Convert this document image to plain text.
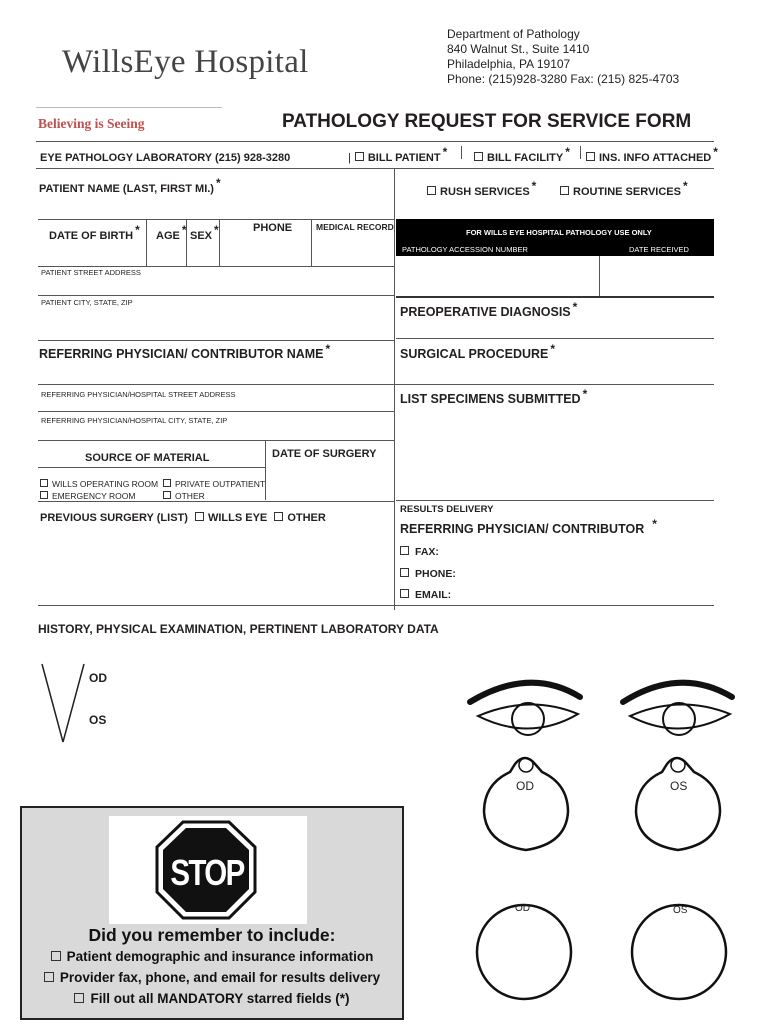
WillsEye Hospital
Believing is Seeing
Department of Pathology
840 Walnut St., Suite 1410
Philadelphia, PA 19107
Phone: (215)928-3280 Fax: (215) 825-4703
PATHOLOGY REQUEST FOR SERVICE FORM
EYE PATHOLOGY LABORATORY (215) 928-3280	| BILL PATIENT *	BILL FACILITY *	INS. INFO ATTACHED *
PATIENT NAME (LAST, FIRST MI.) *
RUSH SERVICES *	ROUTINE SERVICES *
DATE OF BIRTH * AGE * SEX *	PHONE	MEDICAL RECORD
FOR WILLS EYE HOSPITAL PATHOLOGY USE ONLY
PATHOLOGY ACCESSION NUMBER	DATE RECEIVED
PATIENT STREET ADDRESS
PATIENT CITY, STATE, ZIP
PREOPERATIVE DIAGNOSIS *
REFERRING PHYSICIAN/ CONTRIBUTOR NAME *	SURGICAL PROCEDURE *
REFERRING PHYSICIAN/HOSPITAL STREET ADDRESS	LIST SPECIMENS SUBMITTED *
REFERRING PHYSICIAN/HOSPITAL CITY, STATE, ZIP
SOURCE OF MATERIAL	DATE OF SURGERY
WILLS OPERATING ROOM	PRIVATE OUTPATIENT
EMERGENCY ROOM	OTHER
PREVIOUS SURGERY (LIST) WILLS EYE OTHER
RESULTS DELIVERY
REFERRING PHYSICIAN/ CONTRIBUTOR *
FAX:
PHONE:
EMAIL:
HISTORY, PHYSICAL EXAMINATION, PERTINENT LABORATORY DATA
OD
OS
OD	OS
OD	OS
STOP
Did you remember to include:
Patient demographic and insurance information
Provider fax, phone, and email for results delivery
Fill out all MANDATORY starred fields (*)
